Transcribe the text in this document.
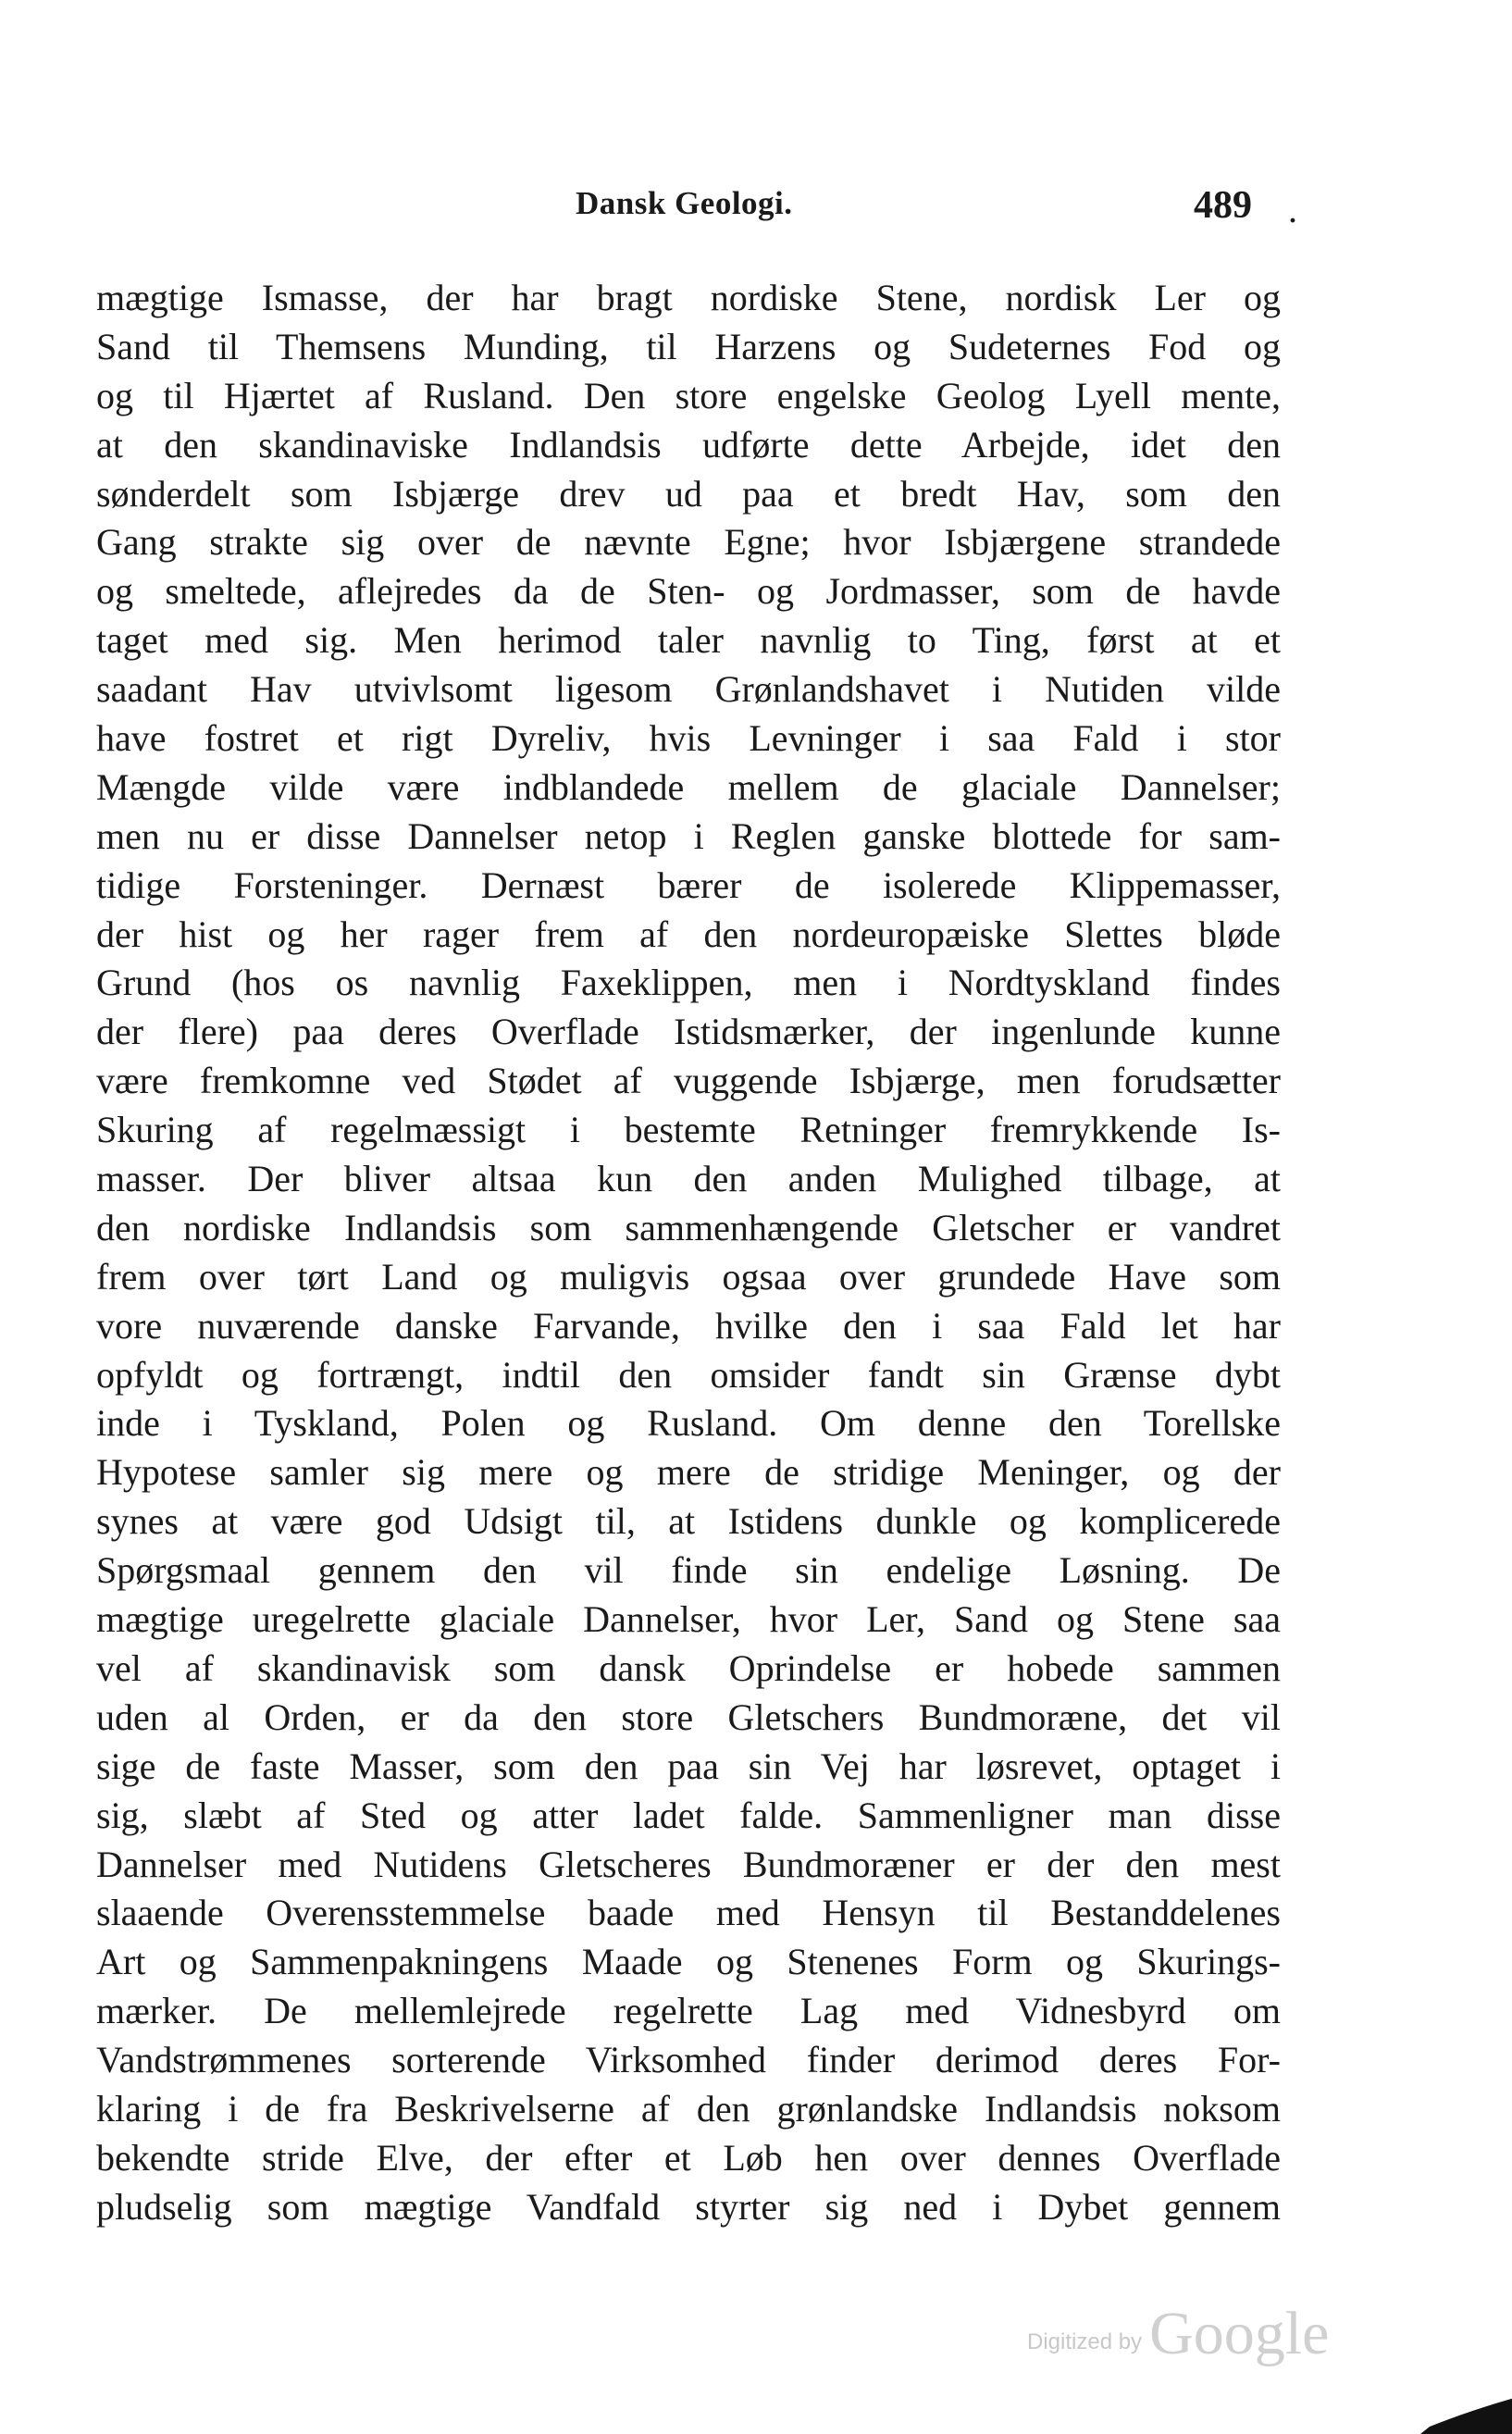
Dansk Geologi.	489 ·
mægtige Ismasse, der har bragt nordiske Stene, nordisk Ler og
Sand til Themsens Munding, til Harzens og Sudeternes Fod og
og til Hjærtet af Rusland. Den store engelske Geolog Lyell mente,
at den skandinaviske Indlandsis udførte dette Arbejde, idet den
sønderdelt som Isbjærge drev ud paa et bredt Hav, som den
Gang strakte sig over de nævnte Egne; hvor Isbjærgene strandede
og smeltede, aflejredes da de Sten- og Jordmasser, som de havde
taget med sig. Men herimod taler navnlig to Ting, først at et
saadant Hav utvivlsomt ligesom Grønlandshavet i Nutiden vilde
have fostret et rigt Dyreliv, hvis Levninger i saa Fald i stor
Mængde vilde være indblandede mellem de glaciale Dannelser;
men nu er disse Dannelser netop i Reglen ganske blottede for sam-
tidige Forsteninger. Dernæst bærer de isolerede Klippemasser,
der hist og her rager frem af den nordeuropæiske Slettes bløde
Grund (hos os navnlig Faxeklippen, men i Nordtyskland findes
der flere) paa deres Overflade Istidsmærker, der ingenlunde kunne
være fremkomne ved Stødet af vuggende Isbjærge, men forudsætter
Skuring af regelmæssigt i bestemte Retninger fremrykkende Is-
masser. Der bliver altsaa kun den anden Mulighed tilbage, at
den nordiske Indlandsis som sammenhængende Gletscher er vandret
frem over tørt Land og muligvis ogsaa over grundede Have som
vore nuværende danske Farvande, hvilke den i saa Fald let har
opfyldt og fortrængt, indtil den omsider fandt sin Grænse dybt
inde i Tyskland, Polen og Rusland. Om denne den Torellske
Hypotese samler sig mere og mere de stridige Meninger, og der
synes at være god Udsigt til, at Istidens dunkle og komplicerede
Spørgsmaal gennem den vil finde sin endelige Løsning. De
mægtige uregelrette glaciale Dannelser, hvor Ler, Sand og Stene saa
vel af skandinavisk som dansk Oprindelse er hobede sammen
uden al Orden, er da den store Gletschers Bundmoræne, det vil
sige de faste Masser, som den paa sin Vej har løsrevet, optaget i
sig, slæbt af Sted og atter ladet falde. Sammenligner man disse
Dannelser med Nutidens Gletscheres Bundmoræner er der den mest
slaaende Overensstemmelse baade med Hensyn til Bestanddelenes
Art og Sammenpakningens Maade og Stenenes Form og Skurings-
mærker. De mellemlejrede regelrette Lag med Vidnesbyrd om
Vandstrømmenes sorterende Virksomhed finder derimod deres For-
klaring i de fra Beskrivelserne af den grønlandske Indlandsis noksom
bekendte stride Elve, der efter et Løb hen over dennes Overflade
pludselig som mægtige Vandfald styrter sig ned i Dybet gennem
Digitized by Google
